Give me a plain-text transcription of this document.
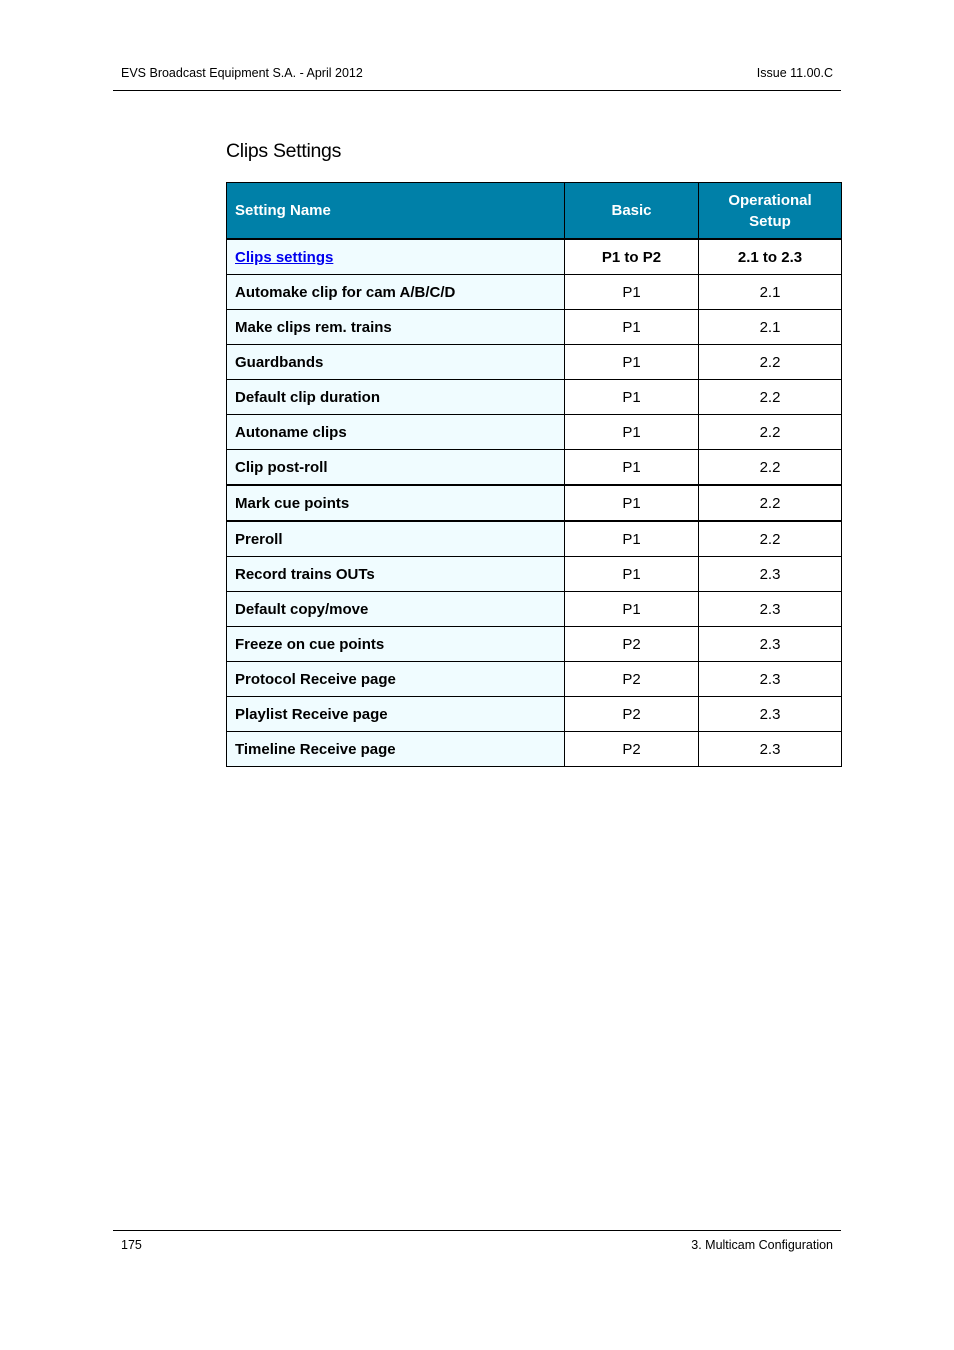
EVS Broadcast Equipment S.A. - April 2012	Issue 11.00.C
Clips Settings
Setting Name	Basic	Operational Setup
Clips settings	P1 to P2	2.1 to 2.3
Automake clip for cam A/B/C/D	P1	2.1
Make clips rem. trains	P1	2.1
Guardbands	P1	2.2
Default clip duration	P1	2.2
Autoname clips	P1	2.2
Clip post-roll	P1	2.2
Mark cue points	P1	2.2
Preroll	P1	2.2
Record trains OUTs	P1	2.3
Default copy/move	P1	2.3
Freeze on cue points	P2	2.3
Protocol Receive page	P2	2.3
Playlist Receive page	P2	2.3
Timeline Receive page	P2	2.3
175	3. Multicam Configuration
